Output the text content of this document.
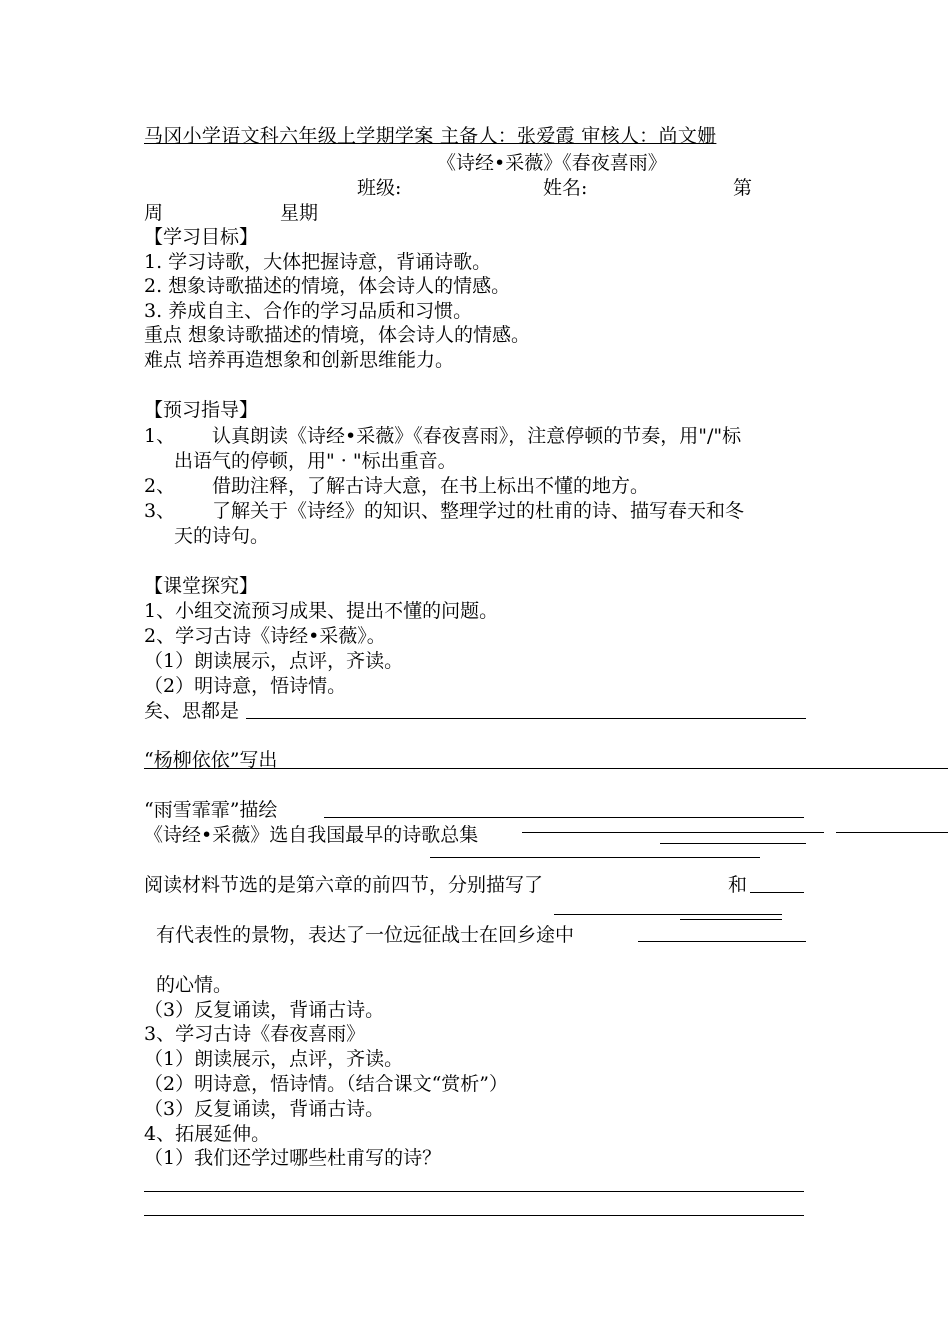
马冈小学语文科六年级上学期学案 主备人：张爱霞 审核人：尚文姗
《诗经•采薇》《春夜喜雨》
班级:	姓名:	第
周	星期
【学习目标】
1. 学习诗歌，大体把握诗意，背诵诗歌。
2. 想象诗歌描述的情境，体会诗人的情感。
3. 养成自主、合作的学习品质和习惯。
重点 想象诗歌描述的情境，体会诗人的情感。
难点 培养再造想象和创新思维能力。
【预习指导】
1、 认真朗读《诗经•采薇》《春夜喜雨》，注意停顿的节奏，用"/"标
出语气的停顿，用" · "标出重音。
2、 借助注释，了解古诗大意，在书上标出不懂的地方。
3、 了解关于《诗经》的知识、整理学过的杜甫的诗、描写春天和冬
天的诗句。
【课堂探究】
1、小组交流预习成果、提出不懂的问题。
2、学习古诗《诗经•采薇》。
（1）朗读展示，点评，齐读。
（2）明诗意，悟诗情。
矣、思都是
“杨柳依依”写出
“雨雪霏霏”描绘
《诗经•采薇》选自我国最早的诗歌总集
阅读材料节选的是第六章的前四节，分别描写了	和
有代表性的景物，表达了一位远征战士在回乡途中
的心情。
（3）反复诵读，背诵古诗。
3、学习古诗《春夜喜雨》
（1）朗读展示，点评，齐读。
（2）明诗意，悟诗情。（结合课文“赏析”）
（3）反复诵读，背诵古诗。
4、拓展延伸。
（1）我们还学过哪些杜甫写的诗？
